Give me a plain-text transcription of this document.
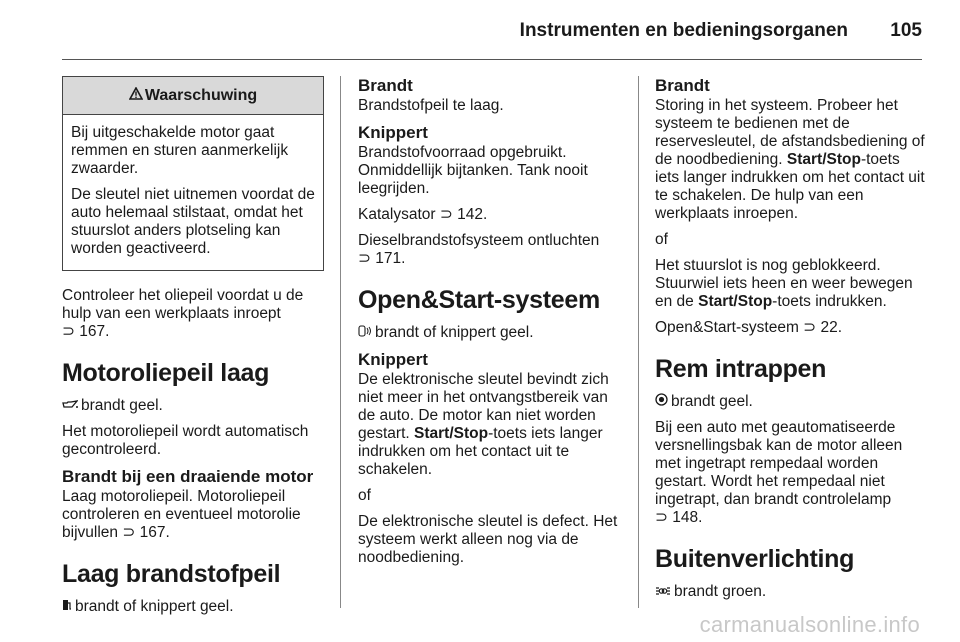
Instrumenten en bedieningsorganen 105
Waarschuwing

Bij uitgeschakelde motor gaat remmen en sturen aanmerkelijk zwaarder.

De sleutel niet uitnemen voordat de auto helemaal stilstaat, omdat het stuurslot anders plotseling kan worden geactiveerd.

Controleer het oliepeil voordat u de hulp van een werkplaats inroept
⊃ 167.

Motoroliepeil laag

brandt geel.

Het motoroliepeil wordt automatisch gecontroleerd.

Brandt bij een draaiende motor

Laag motoroliepeil. Motoroliepeil controleren en eventueel motorolie bijvullen ⊃ 167.

Laag brandstofpeil

brandt of knippert geel.

Brandt

Brandstofpeil te laag.

Knippert

Brandstofvoorraad opgebruikt. Onmiddellijk bijtanken. Tank nooit leegrijden.

Katalysator ⊃ 142.

Dieselbrandstofsysteem ontluchten
⊃ 171.

Open&Start-systeem

brandt of knippert geel.

Knippert

De elektronische sleutel bevindt zich niet meer in het ontvangstbereik van de auto. De motor kan niet worden gestart. Start/Stop-toets iets langer indrukken om het contact uit te schakelen.

of

De elektronische sleutel is defect. Het systeem werkt alleen nog via de noodbediening.

Brandt

Storing in het systeem. Probeer het systeem te bedienen met de reservesleutel, de afstandsbediening of de noodbediening. Start/Stop-toets iets langer indrukken om het contact uit te schakelen. De hulp van een werkplaats inroepen.

of

Het stuurslot is nog geblokkeerd. Stuurwiel iets heen en weer bewegen en de Start/Stop-toets indrukken.

Open&Start-systeem ⊃ 22.

Rem intrappen

brandt geel.

Bij een auto met geautomatiseerde versnellingsbak kan de motor alleen met ingetrapt rempedaal worden gestart. Wordt het rempedaal niet ingetrapt, dan brandt controlelamp
⊃ 148.

Buitenverlichting

brandt groen.

carmanualsonline.info
